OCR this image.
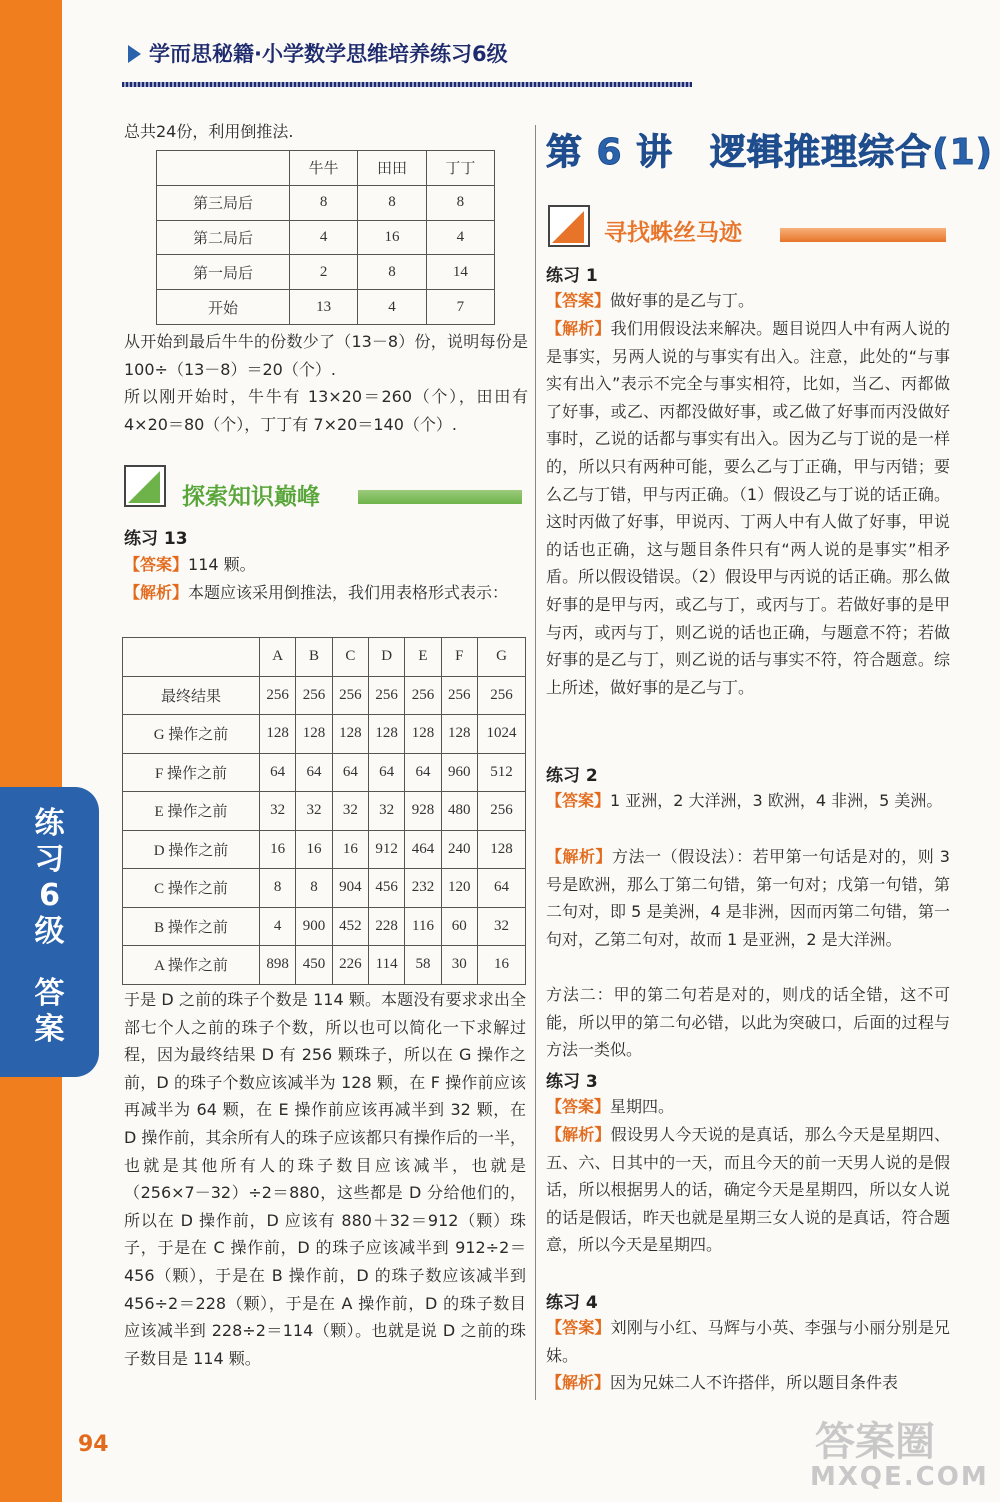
练
习
6
级
答
案
学而思秘籍·小学数学思维培养练习6级
总共24份，利用倒推法.
	牛牛	田田	丁丁
第三局后	8	8	8
第二局后	4	16	4
第一局后	2	8	14
开始	13	4	7
从开始到最后牛牛的份数少了（13－8）份，说明每份是 100÷（13－8）＝20（个）.
所以刚开始时，牛牛有 13×20＝260（个），田田有 4×20＝80（个），丁丁有 7×20＝140（个）.
探索知识巅峰
练习 13
【答案】114 颗。
【解析】本题应该采用倒推法，我们用表格形式表示：
	A	B	C	D	E	F	G
最终结果	256	256	256	256	256	256	256
G 操作之前	128	128	128	128	128	128	1024
F 操作之前	64	64	64	64	64	960	512
E 操作之前	32	32	32	32	928	480	256
D 操作之前	16	16	16	912	464	240	128
C 操作之前	8	8	904	456	232	120	64
B 操作之前	4	900	452	228	116	60	32
A 操作之前	898	450	226	114	58	30	16
于是 D 之前的珠子个数是 114 颗。本题没有要求求出全部七个人之前的珠子个数，所以也可以简化一下求解过程，因为最终结果 D 有 256 颗珠子，所以在 G 操作之前，D 的珠子个数应该减半为 128 颗，在 F 操作前应该再减半为 64 颗，在 E 操作前应该再减半到 32 颗，在 D 操作前，其余所有人的珠子应该都只有操作后的一半，也就是其他所有人的珠子数目应该减半，也就是（256×7－32）÷2＝880，这些都是 D 分给他们的，所以在 D 操作前，D 应该有 880＋32＝912（颗）珠子，于是在 C 操作前，D 的珠子应该减半到 912÷2＝456（颗），于是在 B 操作前，D 的珠子数应该减半到 456÷2＝228（颗），于是在 A 操作前，D 的珠子数目应该减半到 228÷2＝114（颗）。也就是说 D 之前的珠子数目是 114 颗。
第 6 讲　逻辑推理综合(1)
寻找蛛丝马迹
练习 1
【答案】做好事的是乙与丁。
【解析】我们用假设法来解决。题目说四人中有两人说的是事实，另两人说的与事实有出入。注意，此处的“与事实有出入”表示不完全与事实相符，比如，当乙、丙都做了好事，或乙、丙都没做好事，或乙做了好事而丙没做好事时，乙说的话都与事实有出入。因为乙与丁说的是一样的，所以只有两种可能，要么乙与丁正确，甲与丙错；要么乙与丁错，甲与丙正确。（1）假设乙与丁说的话正确。这时丙做了好事，甲说丙、丁两人中有人做了好事，甲说的话也正确，这与题目条件只有“两人说的是事实”相矛盾。所以假设错误。（2）假设甲与丙说的话正确。那么做好事的是甲与丙，或乙与丁，或丙与丁。若做好事的是甲与丙，或丙与丁，则乙说的话也正确，与题意不符；若做好事的是乙与丁，则乙说的话与事实不符，符合题意。综上所述，做好事的是乙与丁。
练习 2
【答案】1 亚洲，2 大洋洲，3 欧洲，4 非洲，5 美洲。
【解析】方法一（假设法）：若甲第一句话是对的，则 3 号是欧洲，那么丁第二句错，第一句对；戊第一句错，第二句对，即 5 是美洲，4 是非洲，因而丙第二句错，第一句对，乙第二句对，故而 1 是亚洲，2 是大洋洲。
方法二：甲的第二句若是对的，则戊的话全错，这不可能，所以甲的第二句必错，以此为突破口，后面的过程与方法一类似。
练习 3
【答案】星期四。
【解析】假设男人今天说的是真话，那么今天是星期四、五、六、日其中的一天，而且今天的前一天男人说的是假话，所以根据男人的话，确定今天是星期四，所以女人说的话是假话，昨天也就是星期三女人说的是真话，符合题意，所以今天是星期四。
练习 4
【答案】刘刚与小红、马辉与小英、李强与小丽分别是兄妹。
【解析】因为兄妹二人不许搭伴，所以题目条件表
94	答案圈
MXQE.COM
